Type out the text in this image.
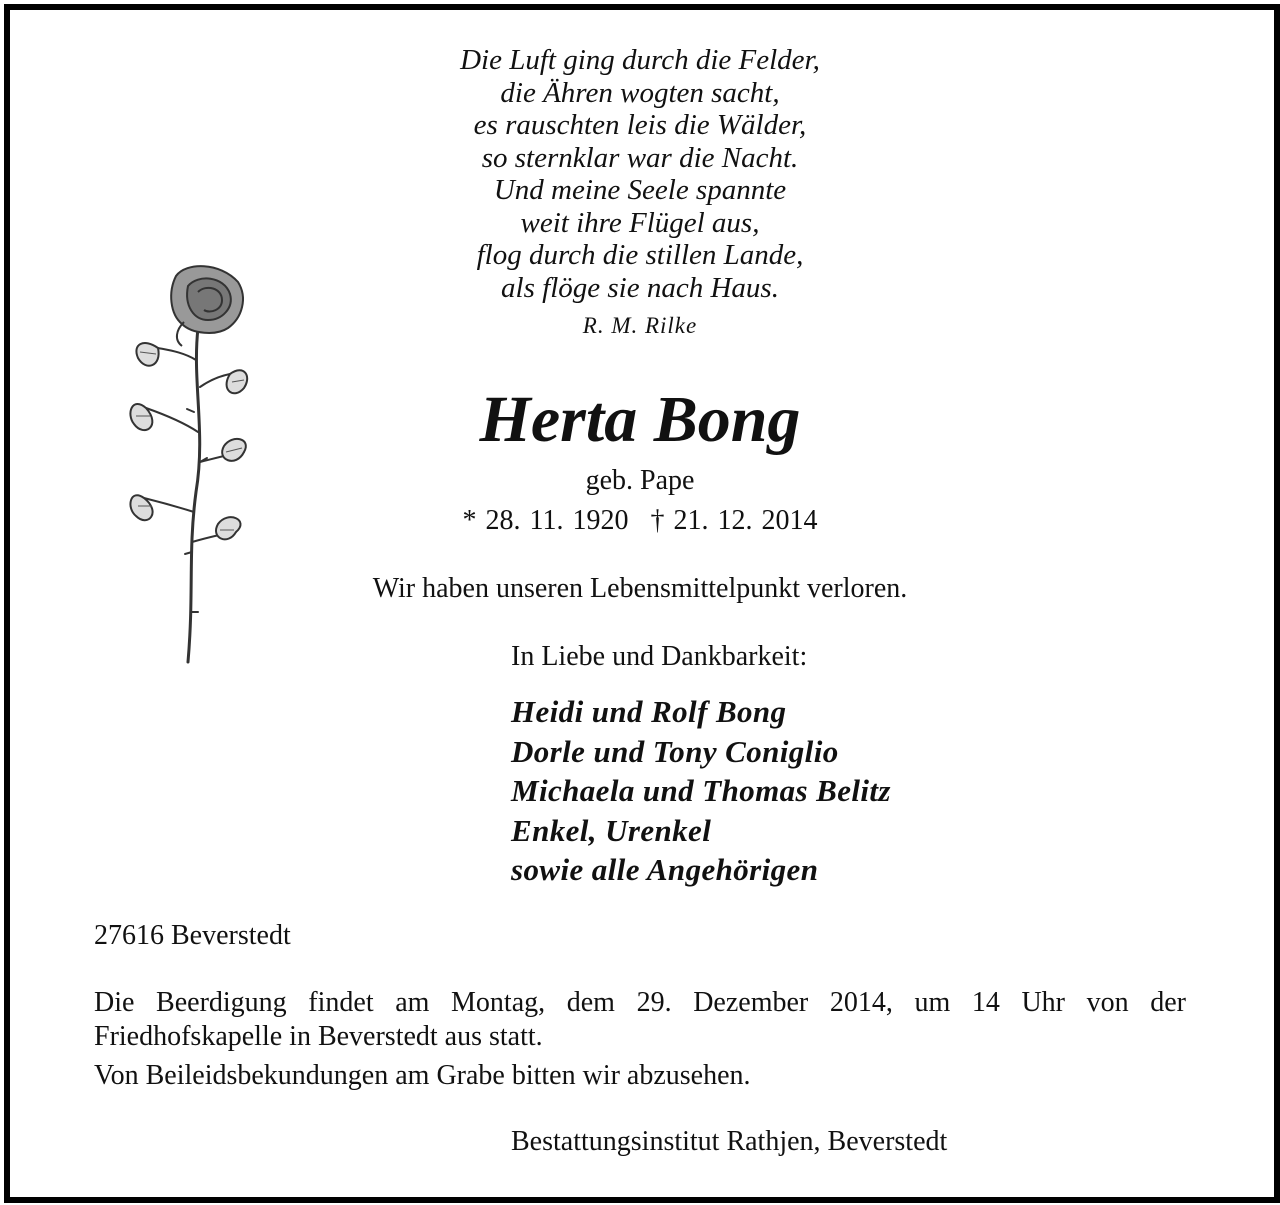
Die Luft ging durch die Felder,
die Ähren wogten sacht,
es rauschten leis die Wälder,
so sternklar war die Nacht.
Und meine Seele spannte
weit ihre Flügel aus,
flog durch die stillen Lande,
als flöge sie nach Haus.
R. M. Rilke
Herta Bong
geb. Pape
* 28. 11. 1920 † 21. 12. 2014
Wir haben unseren Lebensmittelpunkt verloren.
In Liebe und Dankbarkeit:
Heidi und Rolf Bong
Dorle und Tony Coniglio
Michaela und Thomas Belitz
Enkel, Urenkel
sowie alle Angehörigen
27616 Beverstedt
Die Beerdigung findet am Montag, dem 29. Dezember 2014, um 14 Uhr von der
Friedhofskapelle in Beverstedt aus statt.
Von Beileidsbekundungen am Grabe bitten wir abzusehen.
Bestattungsinstitut Rathjen, Beverstedt
